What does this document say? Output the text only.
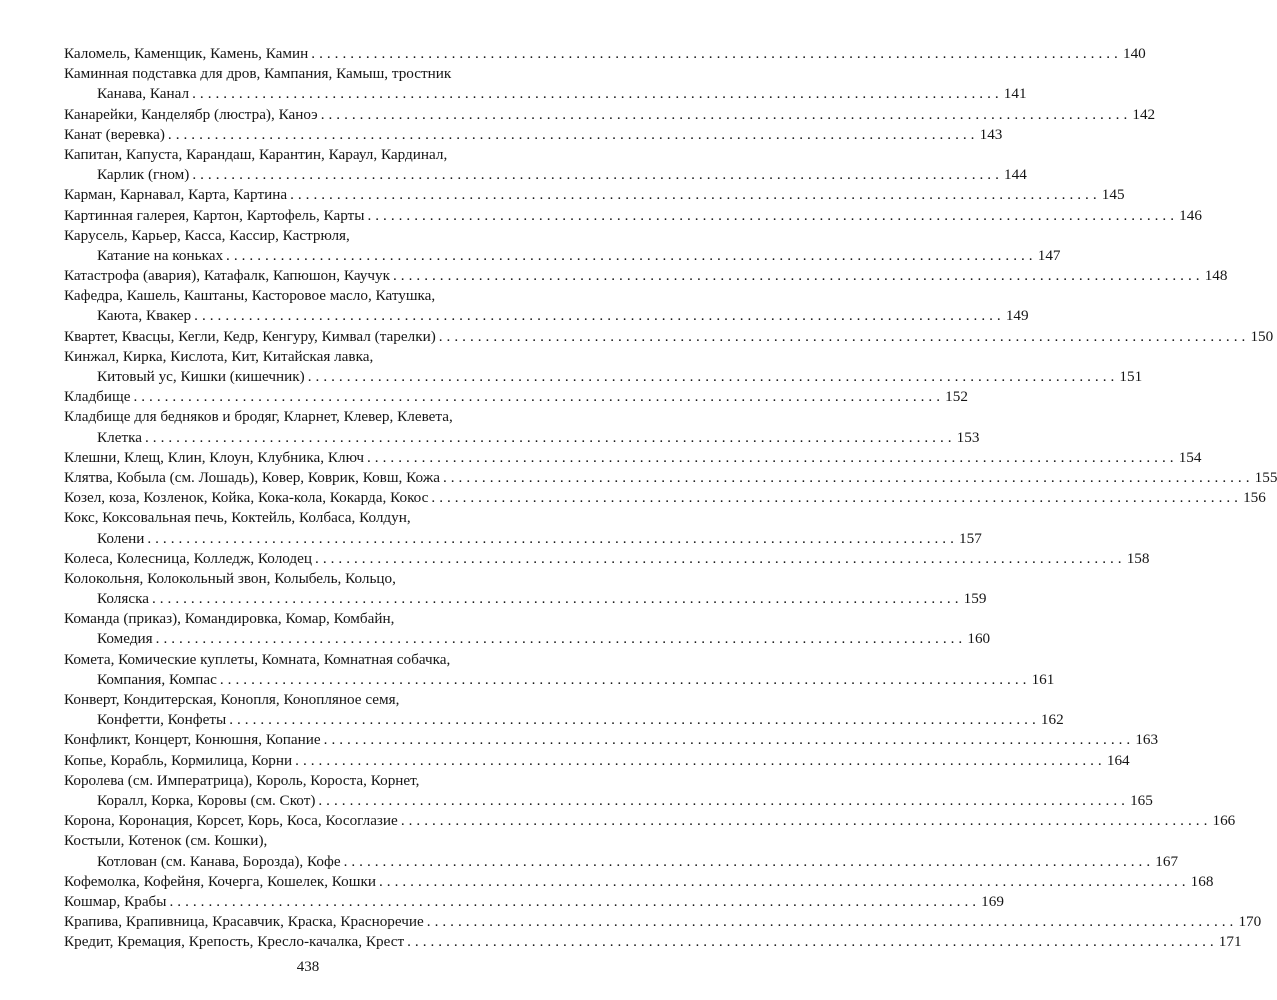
Каломель, Каменщик, Камень, Камин . . .	140
Каминная подставка для дров, Кампания, Камыш, тростник
Канава, Канал . . .	141
Канарейки, Канделябр (люстра), Каноэ . . .	142
Канат (веревка) . . .	143
Капитан, Капуста, Карандаш, Карантин, Караул, Кардинал,
Карлик (гном) . . .	144
Карман, Карнавал, Карта, Картина . . .	145
Картинная галерея, Картон, Картофель, Карты . . .	146
Карусель, Карьер, Касса, Кассир, Кастрюля,
Катание на коньках . . .	147
Катастрофа (авария), Катафалк, Капюшон, Каучук . . .	148
Кафедра, Кашель, Каштаны, Касторовое масло, Катушка,
Каюта, Квакер . . .	149
Квартет, Квасцы, Кегли, Кедр, Кенгуру, Кимвал (тарелки) . . .	150
Кинжал, Кирка, Кислота, Кит, Китайская лавка,
Китовый ус, Кишки (кишечник) . . .	151
Кладбище . . .	152
Кладбище для бедняков и бродяг, Кларнет, Клевер, Клевета,
Клетка . . .	153
Клешни, Клещ, Клин, Клоун, Клубника, Ключ . . .	154
Клятва, Кобыла (см. Лошадь), Ковер, Коврик, Ковш, Кожа . . .	155
Козел, коза, Козленок, Койка, Кока-кола, Кокарда, Кокос . . .	156
Кокс, Коксовальная печь, Коктейль, Колбаса, Колдун,
Колени . . .	157
Колеса, Колесница, Колледж, Колодец . . .	158
Колокольня, Колокольный звон, Колыбель, Кольцо,
Коляска . . .	159
Команда (приказ), Командировка, Комар, Комбайн,
Комедия . . .	160
Комета, Комические куплеты, Комната, Комнатная собачка,
Компания, Компас . . .	161
Конверт, Кондитерская, Конопля, Конопляное семя,
Конфетти, Конфеты . . .	162
Конфликт, Концерт, Конюшня, Копание . . .	163
Копье, Корабль, Кормилица, Корни . . .	164
Королева (см. Императрица), Король, Короста, Корнет,
Коралл, Корка, Коровы (см. Скот) . . .	165
Корона, Коронация, Корсет, Корь, Коса, Косоглазие . . .	166
Костыли, Котенок (см. Кошки),
Котлован (см. Канава, Борозда), Кофе . . .	167
Кофемолка, Кофейня, Кочерга, Кошелек, Кошки . . .	168
Кошмар, Крабы . . .	169
Крапива, Крапивница, Красавчик, Краска, Красноречие . . .	170
Кредит, Кремация, Крепость, Кресло-качалка, Крест . . .	171
438
